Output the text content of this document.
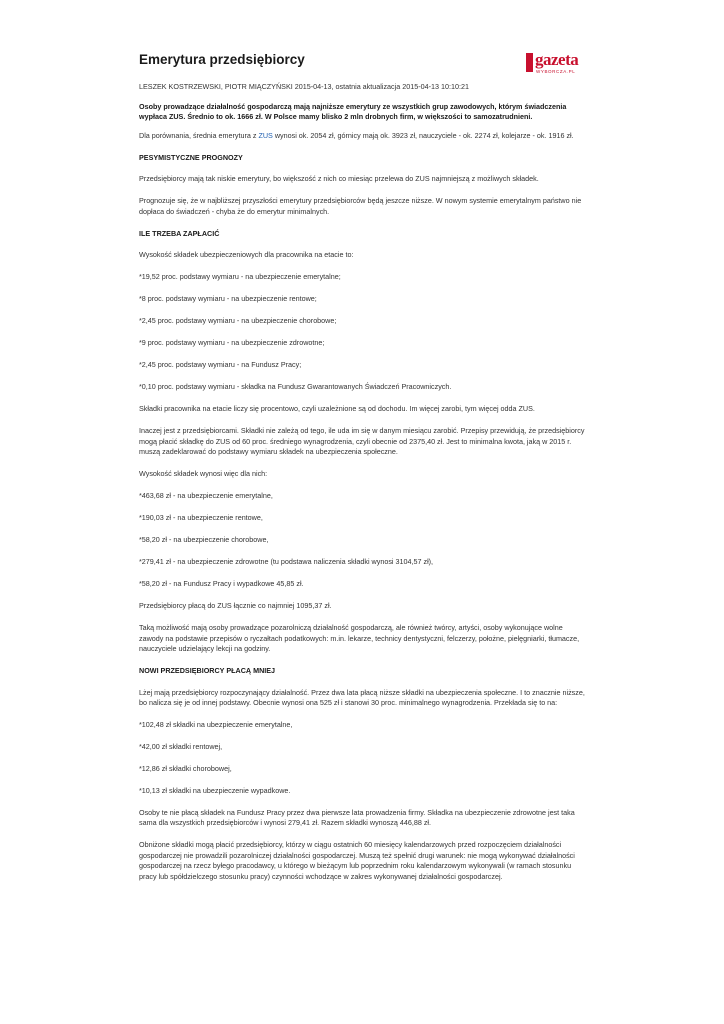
Emerytura przedsiębiorcy	gazeta
WYBORCZA.PL
LESZEK KOSTRZEWSKI, PIOTR MIĄCZYŃSKI 2015-04-13, ostatnia aktualizacja 2015-04-13 10:10:21
Osoby prowadzące działalność gospodarczą mają najniższe emerytury ze wszystkich grup zawodowych, którym świadczenia wypłaca ZUS. Średnio to ok. 1666 zł. W Polsce mamy blisko 2 mln drobnych firm, w większości to samozatrudnieni.

Dla porównania, średnia emerytura z ZUS wynosi ok. 2054 zł, górnicy mają ok. 3923 zł, nauczyciele - ok. 2274 zł, kolejarze - ok. 1916 zł.

PESYMISTYCZNE PROGNOZY

Przedsiębiorcy mają tak niskie emerytury, bo większość z nich co miesiąc przelewa do ZUS najmniejszą z możliwych składek.

Prognozuje się, że w najbliższej przyszłości emerytury przedsiębiorców będą jeszcze niższe. W nowym systemie emerytalnym państwo nie dopłaca do świadczeń - chyba że do emerytur minimalnych.

ILE TRZEBA ZAPŁACIĆ

Wysokość składek ubezpieczeniowych dla pracownika na etacie to:

*19,52 proc. podstawy wymiaru - na ubezpieczenie emerytalne;

*8 proc. podstawy wymiaru - na ubezpieczenie rentowe;

*2,45 proc. podstawy wymiaru - na ubezpieczenie chorobowe;

*9 proc. podstawy wymiaru - na ubezpieczenie zdrowotne;

*2,45 proc. podstawy wymiaru - na Fundusz Pracy;

*0,10 proc. podstawy wymiaru - składka na Fundusz Gwarantowanych Świadczeń Pracowniczych.

Składki pracownika na etacie liczy się procentowo, czyli uzależnione są od dochodu. Im więcej zarobi, tym więcej odda ZUS.

Inaczej jest z przedsiębiorcami. Składki nie zależą od tego, ile uda im się w danym miesiącu zarobić. Przepisy przewidują, że przedsiębiorcy mogą płacić składkę do ZUS od 60 proc. średniego wynagrodzenia, czyli obecnie od 2375,40 zł. Jest to minimalna kwota, jaką w 2015 r. muszą zadeklarować do podstawy wymiaru składek na ubezpieczenia społeczne.

Wysokość składek wynosi więc dla nich:

*463,68 zł - na ubezpieczenie emerytalne,

*190,03 zł - na ubezpieczenie rentowe,

*58,20 zł - na ubezpieczenie chorobowe,

*279,41 zł - na ubezpieczenie zdrowotne (tu podstawa naliczenia składki wynosi 3104,57 zł),

*58,20 zł - na Fundusz Pracy i wypadkowe 45,85 zł.

Przedsiębiorcy płacą do ZUS łącznie co najmniej 1095,37 zł.

Taką możliwość mają osoby prowadzące pozarolniczą działalność gospodarczą, ale również twórcy, artyści, osoby wykonujące wolne zawody na podstawie przepisów o ryczałtach podatkowych: m.in. lekarze, technicy dentystyczni, felczerzy, położne, pielęgniarki, tłumacze, nauczyciele udzielający lekcji na godziny.

NOWI PRZEDSIĘBIORCY PŁACĄ MNIEJ

Lżej mają przedsiębiorcy rozpoczynający działalność. Przez dwa lata płacą niższe składki na ubezpieczenia społeczne. I to znacznie niższe, bo nalicza się je od innej podstawy. Obecnie wynosi ona 525 zł i stanowi 30 proc. minimalnego wynagrodzenia. Przekłada się to na:

*102,48 zł składki na ubezpieczenie emerytalne,

*42,00 zł składki rentowej,

*12,86 zł składki chorobowej,

*10,13 zł składki na ubezpieczenie wypadkowe.

Osoby te nie płacą składek na Fundusz Pracy przez dwa pierwsze lata prowadzenia firmy. Składka na ubezpieczenie zdrowotne jest taka sama dla wszystkich przedsiębiorców i wynosi 279,41 zł. Razem składki wynoszą 446,88 zł.

Obniżone składki mogą płacić przedsiębiorcy, którzy w ciągu ostatnich 60 miesięcy kalendarzowych przed rozpoczęciem działalności gospodarczej nie prowadzili pozarolniczej działalności gospodarczej. Muszą też spełnić drugi warunek: nie mogą wykonywać działalności gospodarczej na rzecz byłego pracodawcy, u którego w bieżącym lub poprzednim roku kalendarzowym wykonywali (w ramach stosunku pracy lub spółdzielczego stosunku pracy) czynności wchodzące w zakres wykonywanej działalności gospodarczej.
